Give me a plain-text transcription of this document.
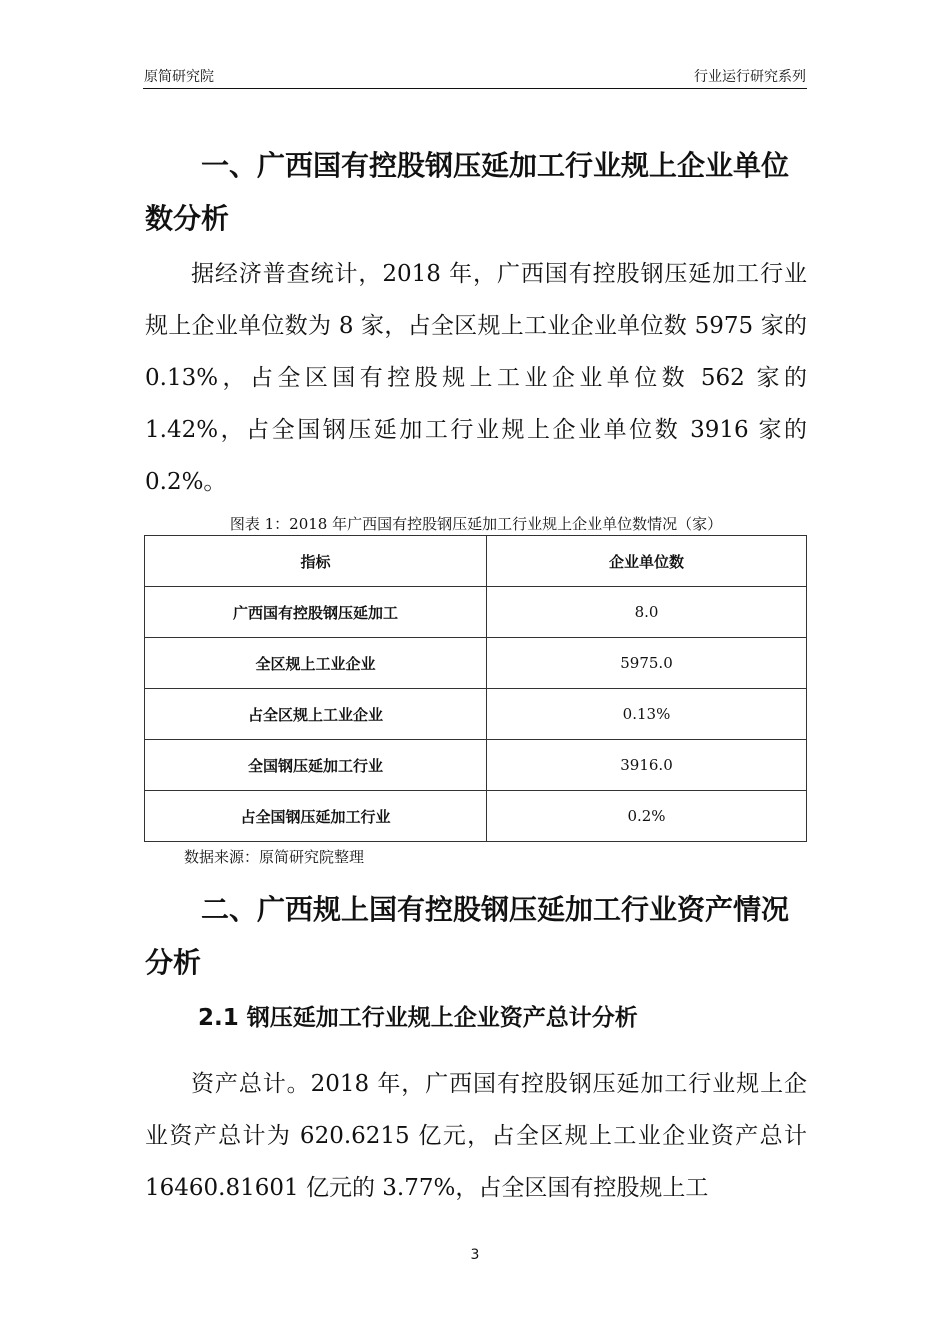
原简研究院	行业运行研究系列
一、广西国有控股钢压延加工行业规上企业单位
数分析

据经济普查统计，2018 年，广西国有控股钢压延加工行业规上企业单位数为 8 家，占全区规上工业企业单位数 5975 家的 0.13%，占全区国有控股规上工业企业单位数 562 家的 1.42%，占全国钢压延加工行业规上企业单位数 3916 家的 0.2%。

图表 1：2018 年广西国有控股钢压延加工行业规上企业单位数情况（家）
指标	企业单位数
广西国有控股钢压延加工	8.0
全区规上工业企业	5975.0
占全区规上工业企业	0.13%
全国钢压延加工行业	3916.0
占全国钢压延加工行业	0.2%
数据来源：原简研究院整理
二、广西规上国有控股钢压延加工行业资产情况
分析
2.1 钢压延加工行业规上企业资产总计分析

资产总计。2018 年，广西国有控股钢压延加工行业规上企业资产总计为 620.6215 亿元，占全区规上工业企业资产总计 16460.81601 亿元的 3.77%，占全区国有控股规上工

3
